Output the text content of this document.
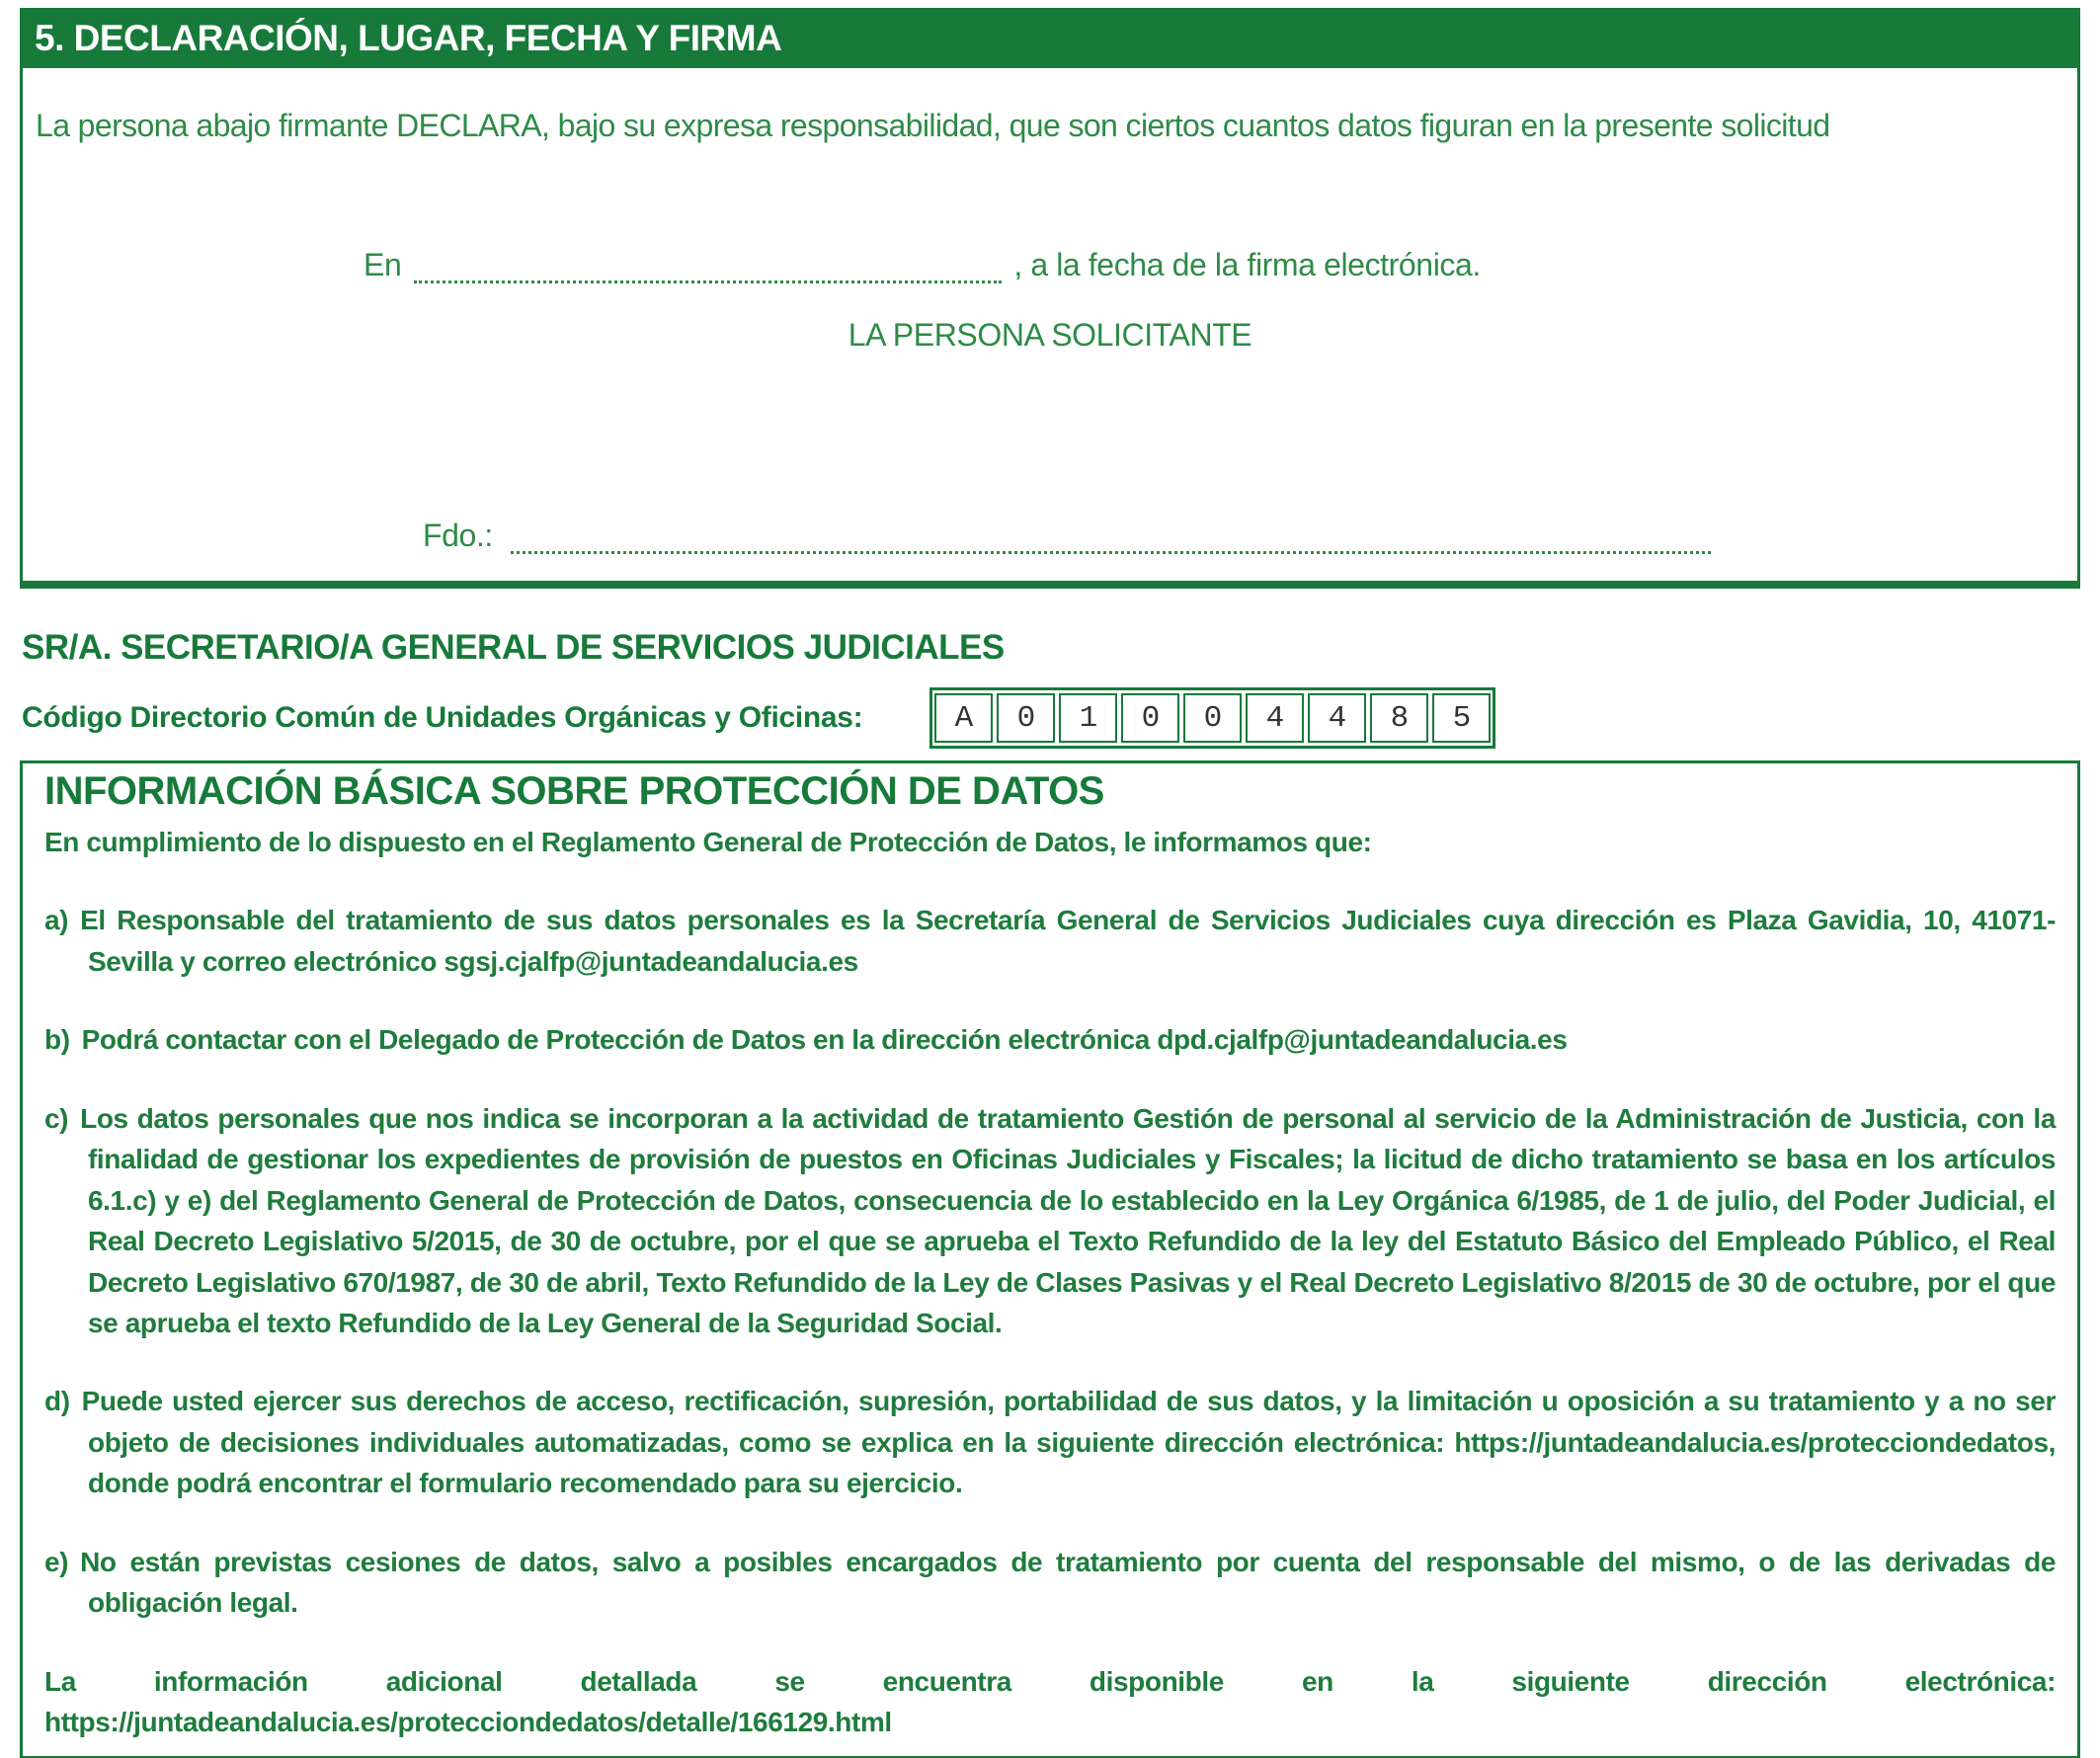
5. DECLARACIÓN, LUGAR, FECHA Y FIRMA

La persona abajo firmante DECLARA, bajo su expresa responsabilidad, que son ciertos cuantos datos figuran en la presente solicitud

En	, a la fecha de la firma electrónica.
LA PERSONA SOLICITANTE
Fdo.:
SR/A. SECRETARIO/A GENERAL DE SERVICIOS JUDICIALES
Código Directorio Común de Unidades Orgánicas y Oficinas:	A	0	1	0	0	4	4	8	5
INFORMACIÓN BÁSICA SOBRE PROTECCIÓN DE DATOS

En cumplimiento de lo dispuesto en el Reglamento General de Protección de Datos, le informamos que:

a) El Responsable del tratamiento de sus datos personales es la Secretaría General de Servicios Judiciales cuya dirección es Plaza Gavidia, 10, 41071-Sevilla y correo electrónico sgsj.cjalfp@juntadeandalucia.es

b) Podrá contactar con el Delegado de Protección de Datos en la dirección electrónica dpd.cjalfp@juntadeandalucia.es

c) Los datos personales que nos indica se incorporan a la actividad de tratamiento Gestión de personal al servicio de la Administración de Justicia, con la finalidad de gestionar los expedientes de provisión de puestos en Oficinas Judiciales y Fiscales; la licitud de dicho tratamiento se basa en los artículos 6.1.c) y e) del Reglamento General de Protección de Datos, consecuencia de lo establecido en la Ley Orgánica 6/1985, de 1 de julio, del Poder Judicial, el Real Decreto Legislativo 5/2015, de 30 de octubre, por el que se aprueba el Texto Refundido de la ley del Estatuto Básico del Empleado Público, el Real Decreto Legislativo 670/1987, de 30 de abril, Texto Refundido de la Ley de Clases Pasivas y el Real Decreto Legislativo 8/2015 de 30 de octubre, por el que se aprueba el texto Refundido de la Ley General de la Seguridad Social.

d) Puede usted ejercer sus derechos de acceso, rectificación, supresión, portabilidad de sus datos, y la limitación u oposición a su tratamiento y a no ser objeto de decisiones individuales automatizadas, como se explica en la siguiente dirección electrónica: https://juntadeandalucia.es/protecciondedatos, donde podrá encontrar el formulario recomendado para su ejercicio.

e) No están previstas cesiones de datos, salvo a posibles encargados de tratamiento por cuenta del responsable del mismo, o de las derivadas de obligación legal.

La información adicional detallada se encuentra disponible en la siguiente dirección electrónica: https://juntadeandalucia.es/protecciondedatos/detalle/166129.html
